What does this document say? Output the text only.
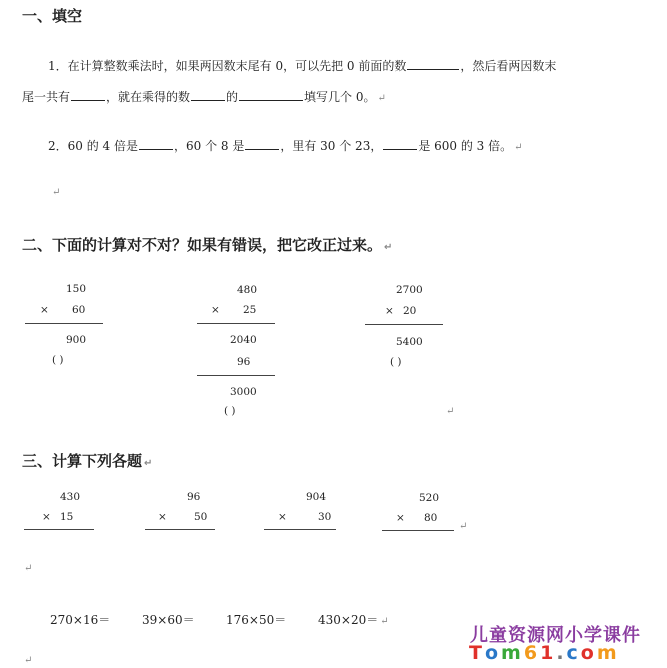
一、填空
1．在计算整数乘法时，如果两因数末尾有 0，可以先把 0 前面的数	，然后看两因数末
尾一共有	，就在乘得的数	的	填写几个 0。 ↵
2．60 的 4 倍是	，60 个 8 是	，里有 30 个 23，	是 600 的 3 倍。 ↵
↵
二、下面的计算对不对？如果有错误，把它改正过来。 ↵
150
× 60
900
( )
480
× 25
2040
96
3000
( )
2700
× 20
5400
( )
↵
三、计算下列各题 ↵
430
× 15
96
×	50
904
×	30
520
× 80
↵
↵
270×16＝	39×60＝	176×50＝	430×20＝ ↵
↵
儿童资源网小学课件
T o m 6 1 . c o m
